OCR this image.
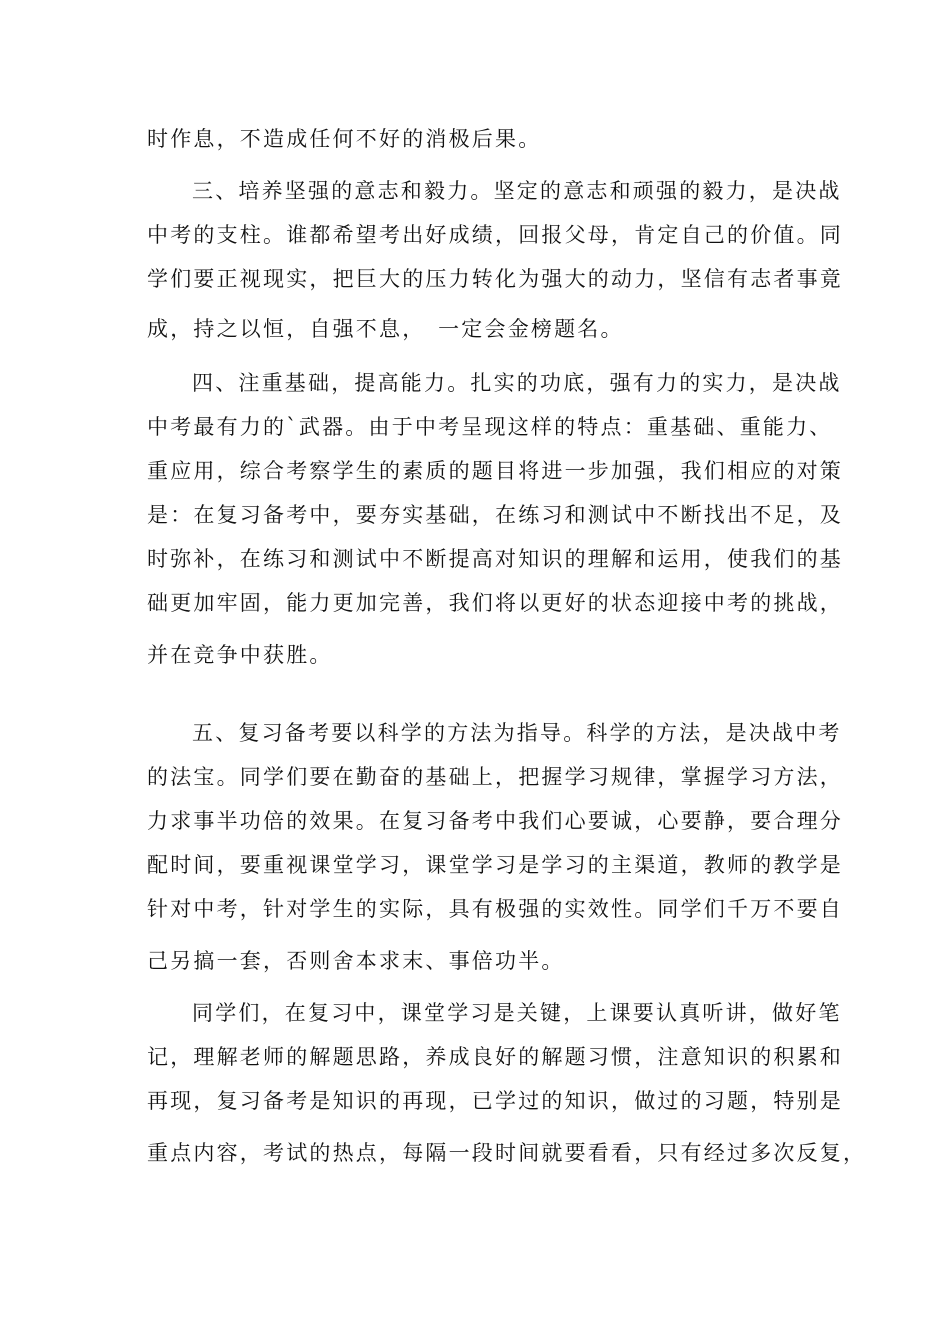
时作息，不造成任何不好的消极后果。
三、培养坚强的意志和毅力。坚定的意志和顽强的毅力，是决战
中考的支柱。谁都希望考出好成绩，回报父母，肯定自己的价值。同
学们要正视现实，把巨大的压力转化为强大的动力，坚信有志者事竟
成，持之以恒，自强不息，　一定会金榜题名。
四、注重基础，提高能力。扎实的功底，强有力的实力，是决战
中考最有力的`武器。由于中考呈现这样的特点：重基础、重能力、
重应用，综合考察学生的素质的题目将进一步加强，我们相应的对策
是：在复习备考中，要夯实基础，在练习和测试中不断找出不足，及
时弥补，在练习和测试中不断提高对知识的理解和运用，使我们的基
础更加牢固，能力更加完善，我们将以更好的状态迎接中考的挑战，
并在竞争中获胜。
五、复习备考要以科学的方法为指导。科学的方法，是决战中考
的法宝。同学们要在勤奋的基础上，把握学习规律，掌握学习方法，
力求事半功倍的效果。在复习备考中我们心要诚，心要静，要合理分
配时间，要重视课堂学习，课堂学习是学习的主渠道，教师的教学是
针对中考，针对学生的实际，具有极强的实效性。同学们千万不要自
己另搞一套，否则舍本求末、事倍功半。
同学们，在复习中，课堂学习是关键，上课要认真听讲，做好笔
记，理解老师的解题思路，养成良好的解题习惯，注意知识的积累和
再现，复习备考是知识的再现，已学过的知识，做过的习题，特别是
重点内容，考试的热点，每隔一段时间就要看看，只有经过多次反复，
